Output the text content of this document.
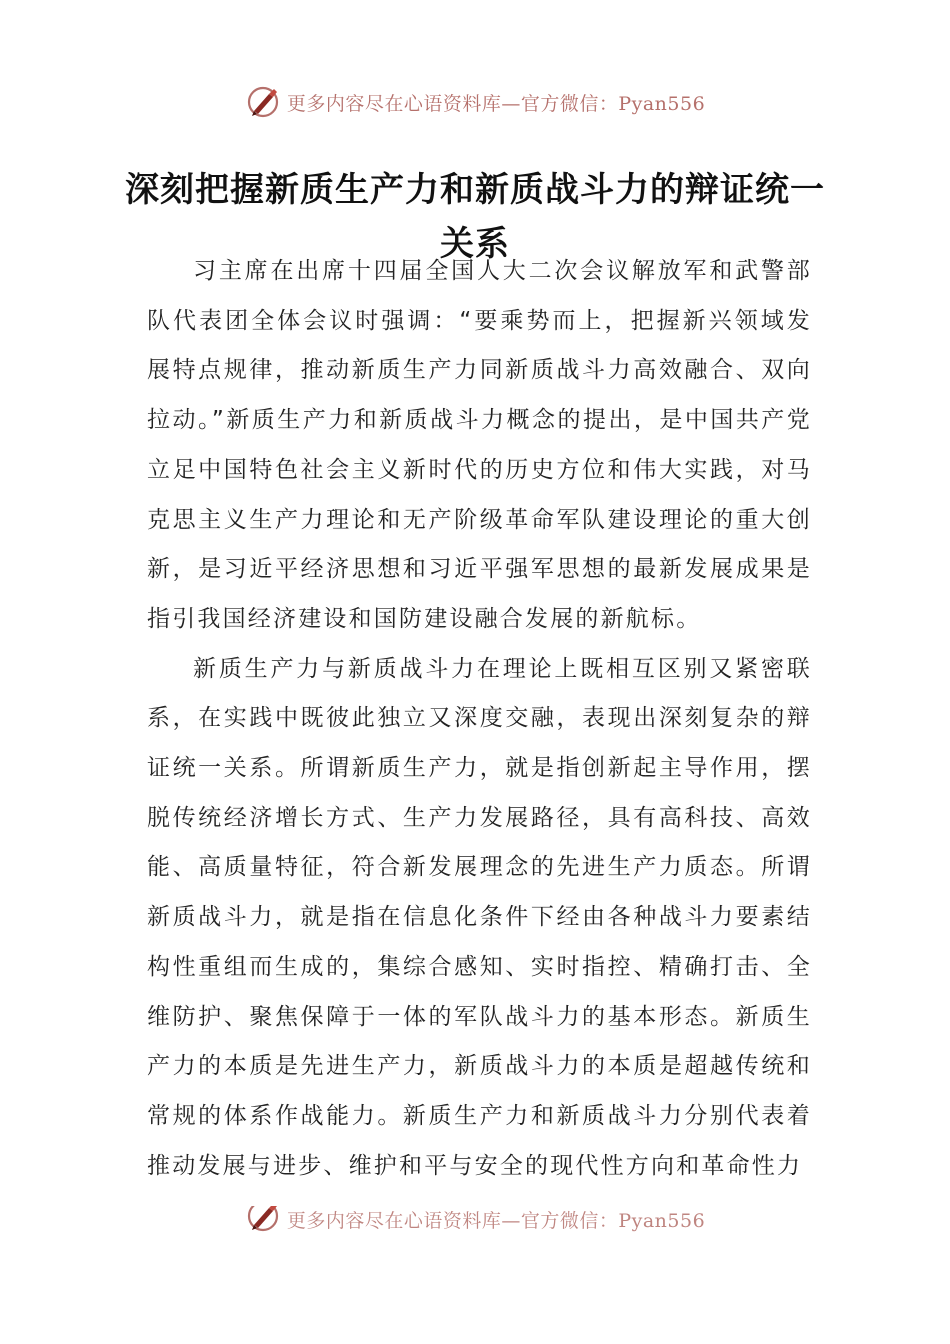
更多内容尽在心语资料库—官方微信：Pyan556
深刻把握新质生产力和新质战斗力的辩证统一关系

习主席在出席十四届全国人大二次会议解放军和武警部队代表团全体会议时强调：“要乘势而上，把握新兴领域发展特点规律，推动新质生产力同新质战斗力高效融合、双向拉动。”新质生产力和新质战斗力概念的提出，是中国共产党立足中国特色社会主义新时代的历史方位和伟大实践，对马克思主义生产力理论和无产阶级革命军队建设理论的重大创新，是习近平经济思想和习近平强军思想的最新发展成果是指引我国经济建设和国防建设融合发展的新航标。

新质生产力与新质战斗力在理论上既相互区别又紧密联系，在实践中既彼此独立又深度交融，表现出深刻复杂的辩证统一关系。所谓新质生产力，就是指创新起主导作用，摆脱传统经济增长方式、生产力发展路径，具有高科技、高效能、高质量特征，符合新发展理念的先进生产力质态。所谓新质战斗力，就是指在信息化条件下经由各种战斗力要素结构性重组而生成的，集综合感知、实时指控、精确打击、全维防护、聚焦保障于一体的军队战斗力的基本形态。新质生产力的本质是先进生产力，新质战斗力的本质是超越传统和常规的体系作战能力。新质生产力和新质战斗力分别代表着推动发展与进步、维护和平与安全的现代性方向和革命性力

更多内容尽在心语资料库—官方微信：Pyan556
